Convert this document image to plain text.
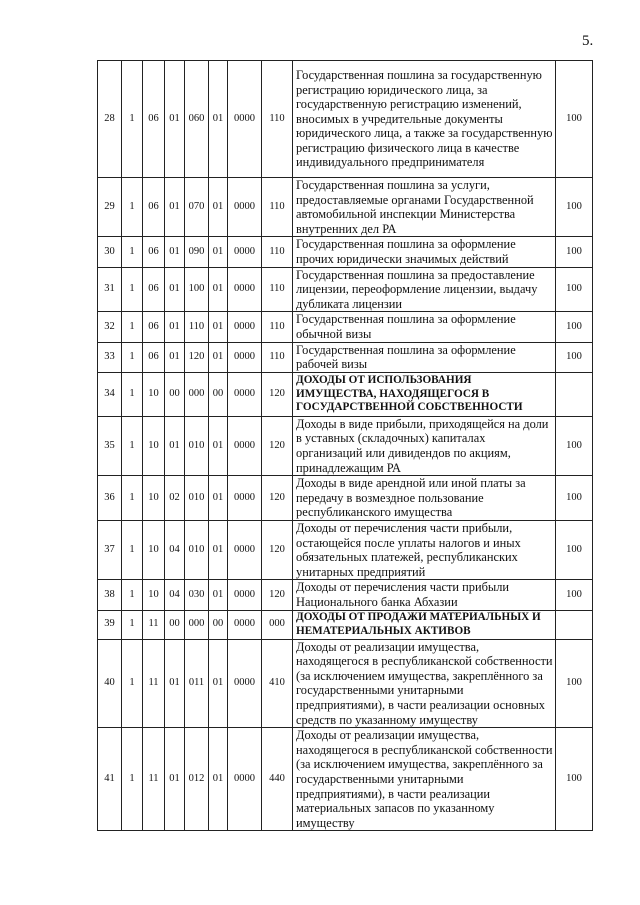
5.
28	1	06	01	060	01	0000	110	Государственная пошлина за государственную регистрацию юридического лица, за государственную регистрацию изменений, вносимых в учредительные документы юридического лица, а также за государственную регистрацию физического лица в качестве индивидуального предпринимателя	100
29	1	06	01	070	01	0000	110	Государственная пошлина за услуги, предоставляемые органами Государственной автомобильной инспекции Министерства внутренних дел РА	100
30	1	06	01	090	01	0000	110	Государственная пошлина за оформление прочих юридически значимых действий	100
31	1	06	01	100	01	0000	110	Государственная пошлина за предоставление лицензии, переоформление лицензии, выдачу дубликата лицензии	100
32	1	06	01	110	01	0000	110	Государственная пошлина за оформление обычной визы	100
33	1	06	01	120	01	0000	110	Государственная пошлина за оформление рабочей визы	100
34	1	10	00	000	00	0000	120	ДОХОДЫ ОТ ИСПОЛЬЗОВАНИЯ ИМУЩЕСТВА, НАХОДЯЩЕГОСЯ В ГОСУДАРСТВЕННОЙ СОБСТВЕННОСТИ	
35	1	10	01	010	01	0000	120	Доходы в виде прибыли, приходящейся на доли в уставных (складочных) капиталах организаций или дивидендов по акциям, принадлежащим РА	100
36	1	10	02	010	01	0000	120	Доходы в виде арендной или иной платы за передачу в возмездное пользование республиканского имущества	100
37	1	10	04	010	01	0000	120	Доходы от перечисления части прибыли, остающейся после уплаты налогов и иных обязательных платежей, республиканских унитарных предприятий	100
38	1	10	04	030	01	0000	120	Доходы от перечисления части прибыли Национального банка Абхазии	100
39	1	11	00	000	00	0000	000	ДОХОДЫ ОТ ПРОДАЖИ МАТЕРИАЛЬНЫХ И НЕМАТЕРИАЛЬНЫХ АКТИВОВ	
40	1	11	01	011	01	0000	410	Доходы от реализации имущества, находящегося в республиканской собственности (за исключением имущества, закреплённого за государственными унитарными предприятиями), в части реализации основных средств по указанному имуществу	100
41	1	11	01	012	01	0000	440	Доходы от реализации имущества, находящегося в республиканской собственности (за исключением имущества, закреплённого за государственными унитарными предприятиями), в части реализации материальных запасов по указанному имуществу	100
